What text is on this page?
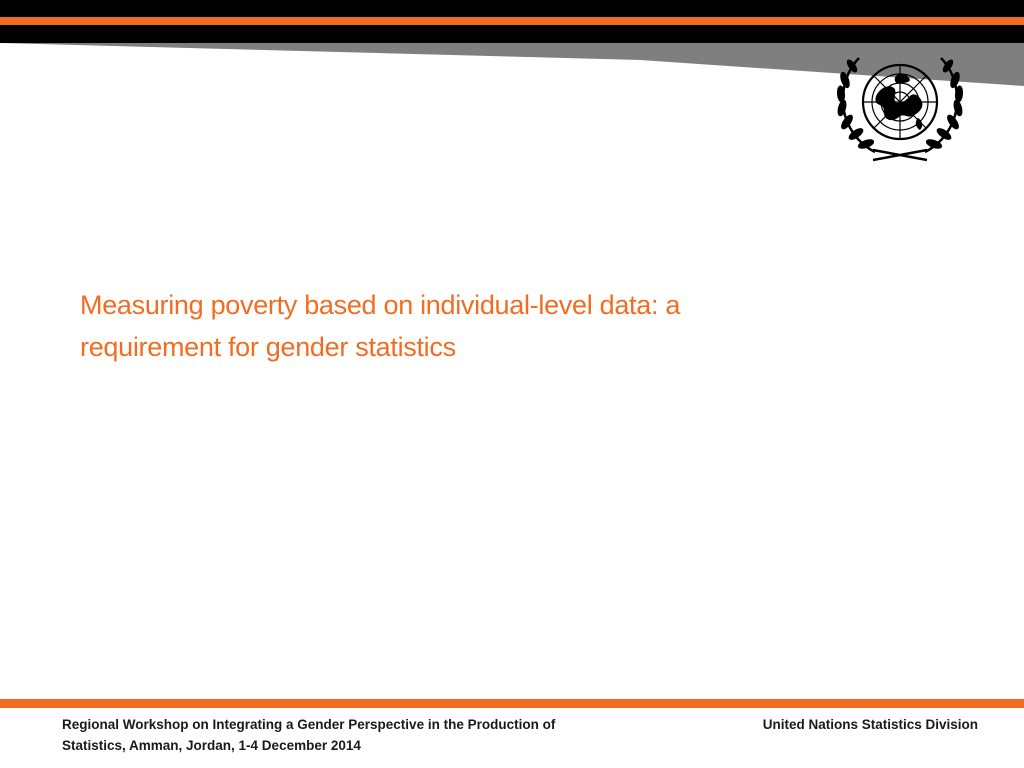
Measuring poverty based on individual-level data: a
requirement for gender statistics

Regional Workshop on Integrating a Gender Perspective in the Production of
Statistics, Amman, Jordan, 1-4 December 2014

United Nations Statistics Division
